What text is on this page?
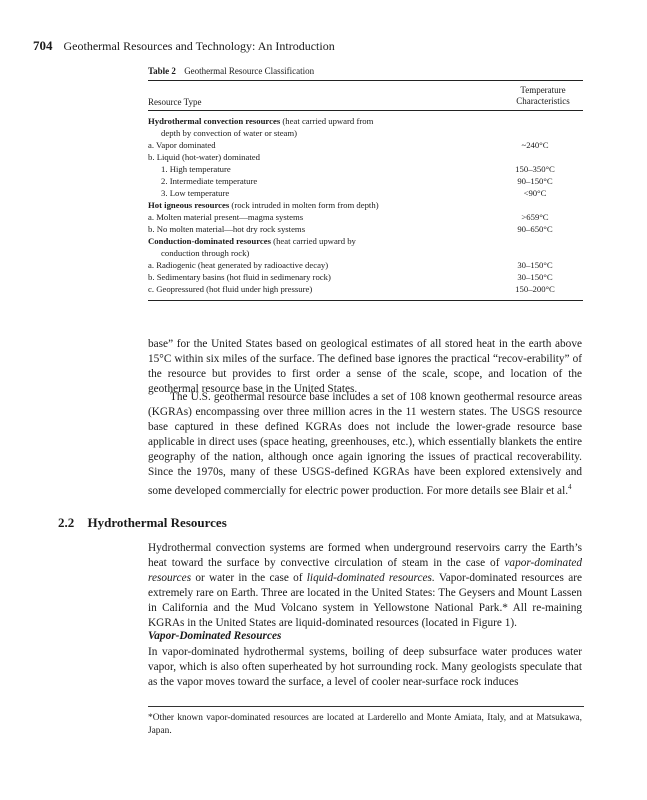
704 Geothermal Resources and Technology: An Introduction
Table 2 Geothermal Resource Classification
Resource Type
Temperature
Characteristics
Hydrothermal convection resources (heat carried upward from
depth by convection of water or steam)
a. Vapor dominated	~240°C
b. Liquid (hot-water) dominated
1. High temperature	150–350°C
2. Intermediate temperature	90–150°C
3. Low temperature	<90°C
Hot igneous resources (rock intruded in molten form from depth)
a. Molten material present—magma systems	>659°C
b. No molten material—hot dry rock systems	90–650°C
Conduction-dominated resources (heat carried upward by
conduction through rock)
a. Radiogenic (heat generated by radioactive decay)	30–150°C
b. Sedimentary basins (hot fluid in sedimenary rock)	30–150°C
c. Geopressured (hot fluid under high pressure)	150–200°C
base” for the United States based on geological estimates of all stored heat in the earth above 15°C within six miles of the surface. The defined base ignores the practical “recov-erability” of the resource but provides to first order a sense of the scale, scope, and location of the geothermal resource base in the United States.
The U.S. geothermal resource base includes a set of 108 known geothermal resource areas (KGRAs) encompassing over three million acres in the 11 western states. The USGS resource base captured in these defined KGRAs does not include the lower-grade resource base applicable in direct uses (space heating, greenhouses, etc.), which essentially blankets the entire geography of the nation, although once again ignoring the issues of practical recoverability. Since the 1970s, many of these USGS-defined KGRAs have been explored extensively and some developed commercially for electric power production. For more details see Blair et al.$^4$
2.2 Hydrothermal Resources
Hydrothermal convection systems are formed when underground reservoirs carry the Earth’s heat toward the surface by convective circulation of steam in the case of vapor-dominated resources or water in the case of liquid-dominated resources. Vapor-dominated resources are extremely rare on Earth. Three are located in the United States: The Geysers and Mount Lassen in California and the Mud Volcano system in Yellowstone National Park.* All re-maining KGRAs in the United States are liquid-dominated resources (located in Figure 1).
Vapor-Dominated Resources
In vapor-dominated hydrothermal systems, boiling of deep subsurface water produces water vapor, which is also often superheated by hot surrounding rock. Many geologists speculate that as the vapor moves toward the surface, a level of cooler near-surface rock induces
*Other known vapor-dominated resources are located at Larderello and Monte Amiata, Italy, and at Matsukawa, Japan.
